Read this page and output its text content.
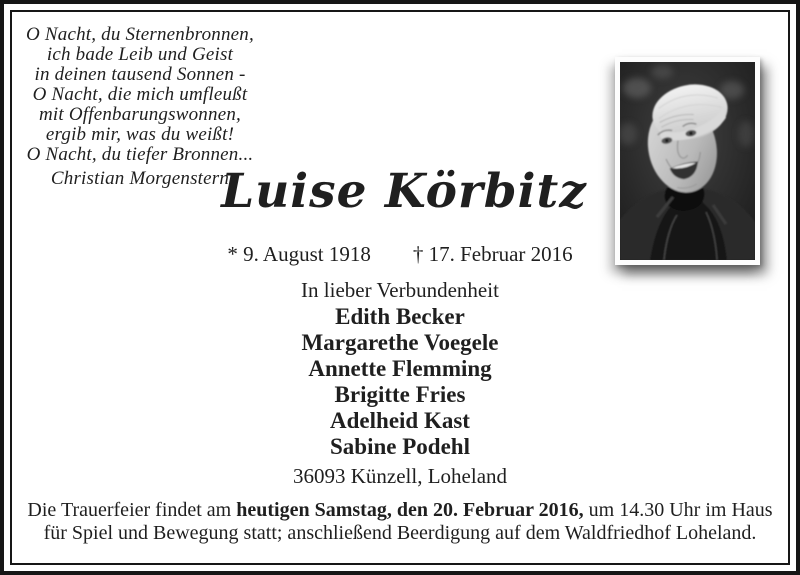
O Nacht, du Sternenbronnen,
ich bade Leib und Geist
in deinen tausend Sonnen -
O Nacht, die mich umfleußt
mit Offenbarungswonnen,
ergib mir, was du weißt!
O Nacht, du tiefer Bronnen...
Christian Morgenstern
Luise Körbitz
* 9. August 1918 † 17. Februar 2016
In lieber Verbundenheit
Edith Becker
Margarethe Voegele
Annette Flemming
Brigitte Fries
Adelheid Kast
Sabine Podehl
36093 Künzell, Loheland
Die Trauerfeier findet am heutigen Samstag, den 20. Februar 2016, um 14.30 Uhr im Haus
für Spiel und Bewegung statt; anschließend Beerdigung auf dem Waldfriedhof Loheland.
